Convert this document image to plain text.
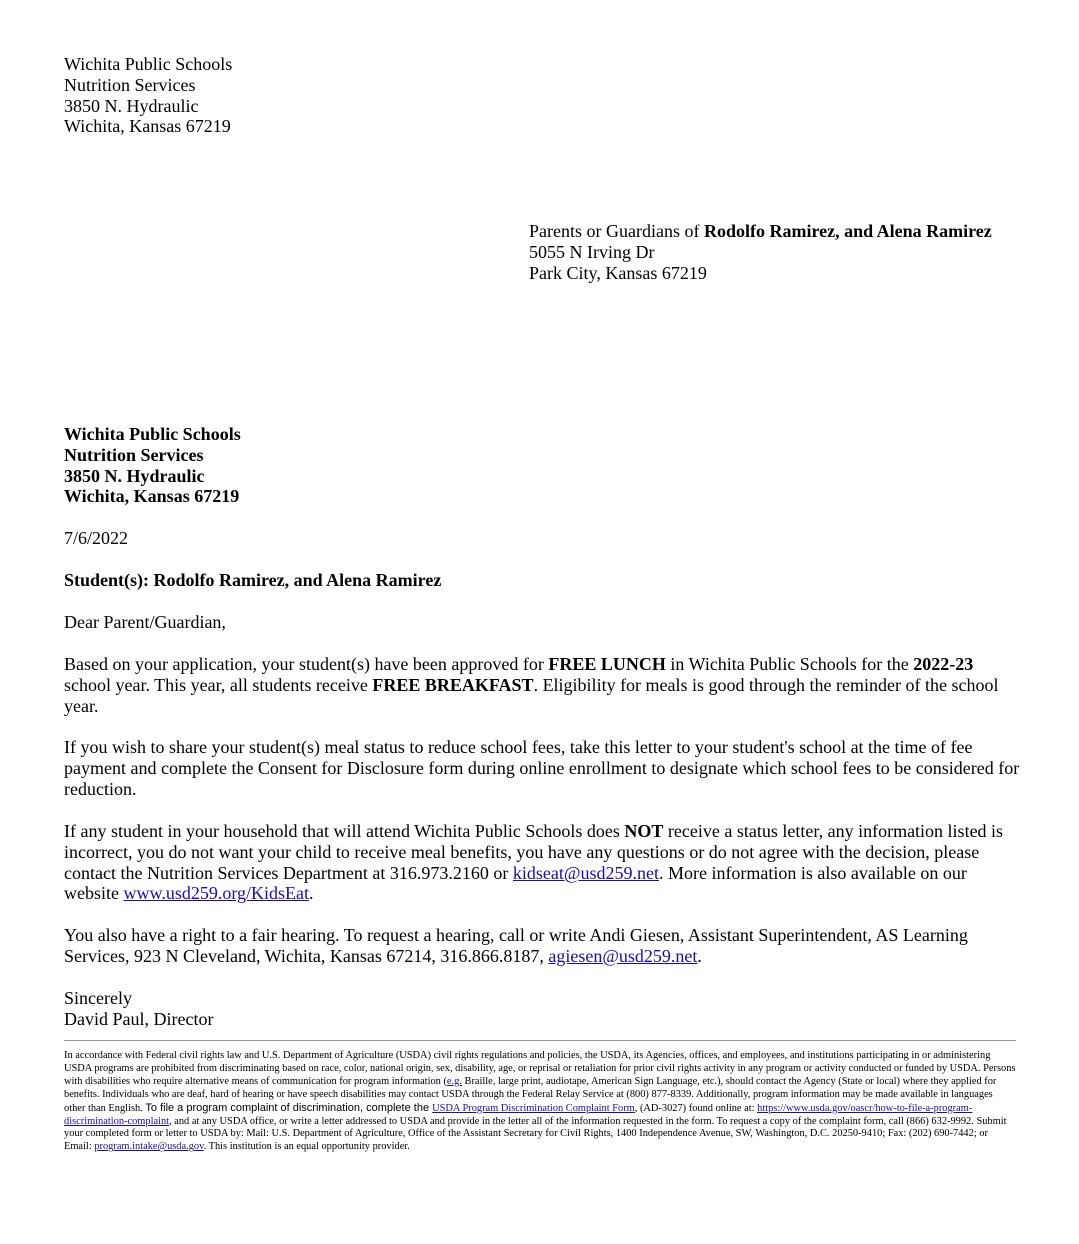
Wichita Public Schools
Nutrition Services
3850 N. Hydraulic
Wichita, Kansas 67219
Parents or Guardians of Rodolfo Ramirez, and Alena Ramirez
5055 N Irving Dr
Park City, Kansas 67219
Wichita Public Schools
Nutrition Services
3850 N. Hydraulic
Wichita, Kansas 67219
7/6/2022
Student(s): Rodolfo Ramirez, and Alena Ramirez
Dear Parent/Guardian,
Based on your application, your student(s) have been approved for FREE LUNCH in Wichita Public Schools for the 2022-23 school year. This year, all students receive FREE BREAKFAST. Eligibility for meals is good through the reminder of the school year.
If you wish to share your student(s) meal status to reduce school fees, take this letter to your student's school at the time of fee payment and complete the Consent for Disclosure form during online enrollment to designate which school fees to be considered for reduction.
If any student in your household that will attend Wichita Public Schools does NOT receive a status letter, any information listed is incorrect, you do not want your child to receive meal benefits, you have any questions or do not agree with the decision, please contact the Nutrition Services Department at 316.973.2160 or kidseat@usd259.net. More information is also available on our website www.usd259.org/KidsEat.
You also have a right to a fair hearing. To request a hearing, call or write Andi Giesen, Assistant Superintendent, AS Learning Services, 923 N Cleveland, Wichita, Kansas 67214, 316.866.8187, agiesen@usd259.net.
Sincerely
David Paul, Director
In accordance with Federal civil rights law and U.S. Department of Agriculture (USDA) civil rights regulations and policies, the USDA, its Agencies, offices, and employees, and institutions participating in or administering USDA programs are prohibited from discriminating based on race, color, national origin, sex, disability, age, or reprisal or retaliation for prior civil rights activity in any program or activity conducted or funded by USDA. Persons with disabilities who require alternative means of communication for program information (e.g. Braille, large print, audiotape, American Sign Language, etc.), should contact the Agency (State or local) where they applied for benefits. Individuals who are deaf, hard of hearing or have speech disabilities may contact USDA through the Federal Relay Service at (800) 877-8339. Additionally, program information may be made available in languages other than English. To file a program complaint of discrimination, complete the USDA Program Discrimination Complaint Form, (AD-3027) found online at: https://www.usda.gov/oascr/how-to-file-a-program-discrimination-complaint, and at any USDA office, or write a letter addressed to USDA and provide in the letter all of the information requested in the form. To request a copy of the complaint form, call (866) 632-9992. Submit your completed form or letter to USDA by: Mail: U.S. Department of Agriculture, Office of the Assistant Secretary for Civil Rights, 1400 Independence Avenue, SW, Washington, D.C. 20250-9410; Fax: (202) 690-7442; or Email: program.intake@usda.gov. This institution is an equal opportunity provider.
